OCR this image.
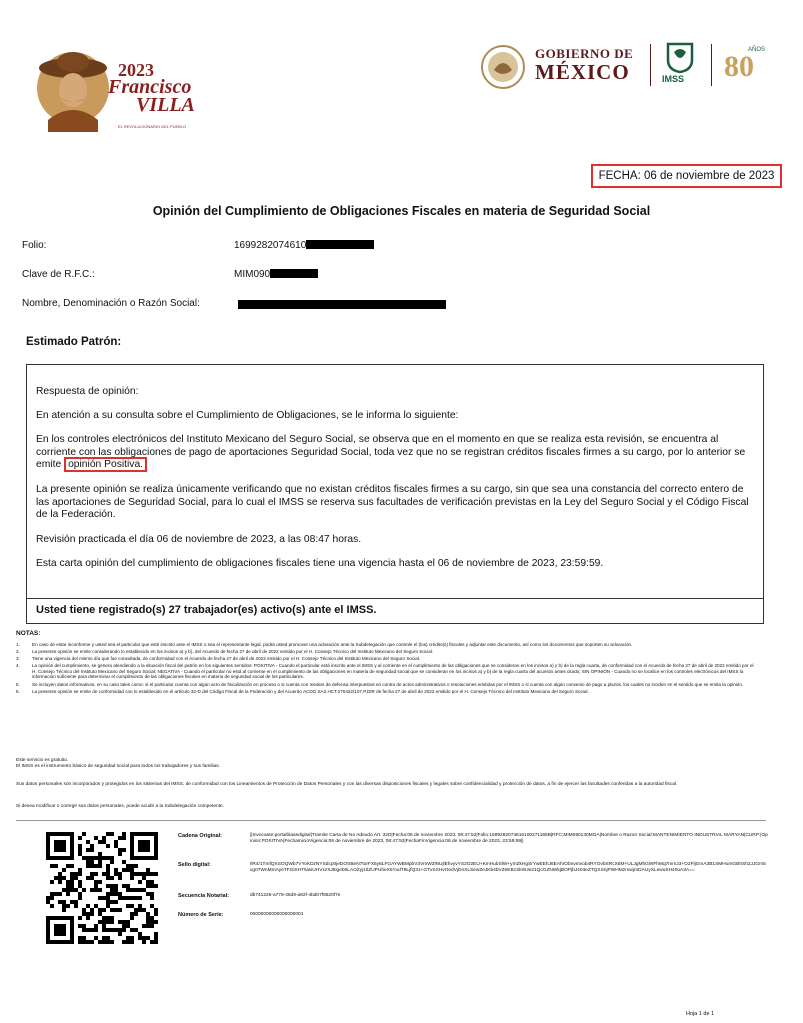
2023
Francisco
VILLA
EL REVOLUCIONARIO DEL PUEBLO
GOBIERNO DE
MÉXICO	IMSS 80
AÑOS
FECHA: 06 de noviembre de 2023
Opinión del Cumplimiento de Obligaciones Fiscales en materia de Seguridad Social
Folio:	1699282074610
Clave de R.F.C.:	MIM090
Nombre, Denominación o Razón Social:
Estimado Patrón:
Respuesta de opinión:
En atención a su consulta sobre el Cumplimiento de Obligaciones, se le informa lo siguiente:
En los controles electrónicos del Instituto Mexicano del Seguro Social, se observa que en el momento en que se realiza esta revisión, se encuentra al corriente con las obligaciones de pago de aportaciones Seguridad Social, toda vez que no se registran créditos fiscales firmes a su cargo, por lo anterior se emite opinión Positiva.
La presente opinión se realiza únicamente verificando que no existan créditos fiscales firmes a su cargo, sin que sea una constancia del correcto entero de las aportaciones de Seguridad Social, para lo cual el IMSS se reserva sus facultades de verificación previstas en la Ley del Seguro Social y el Código Fiscal de la Federación.
Revisión practicada el día 06 de noviembre de 2023, a las 08:47 horas.
Esta carta opinión del cumplimiento de obligaciones fiscales tiene una vigencia hasta el 06 de noviembre de 2023, 23:59:59.
Usted tiene registrado(s) 27 trabajador(es) activo(s) ante el IMSS.
NOTAS:
1.	En caso de estar inconforme y usted sea el particular que esté inscrito ante el IMSS o sea el representante legal, podrá usted promover una aclaración ante la Subdelegación que controle el (los) crédito(s) fiscales y adjuntar este documento, así como los documentos que soporten su aclaración.
2.	La presente opinión se emite considerando lo establecido en los incisos a) y b), del Acuerdo de fecha 27 de abril de 2022 emitido por el H. Consejo Técnico del Instituto Mexicano del Seguro Social.
3.	Tiene una vigencia del mismo día que fue consultada, de conformidad con el Acuerdo de fecha 27 de abril de 2022 emitido por el H. Consejo Técnico del Instituto Mexicano del Seguro Social.
4.	La opinión del cumplimiento, se genera atendiendo a la situación fiscal del patrón en los siguientes sentidos: POSITIVA - Cuando el particular está inscrito ante el IMSS y al corriente en el cumplimiento de las obligaciones que se consideran en los incisos a) y b) de la regla cuarta, de conformidad con el Acuerdo de fecha 27 de abril de 2022 emitido por el H. Consejo Técnico del Instituto Mexicano del Seguro Social; NEGATIVA - Cuando el particular no está al corriente en el cumplimiento de las obligaciones en materia de seguridad social que se consideran en los incisos a) y b) de la regla cuarta del acuerdo antes citado; SIN OPINIÓN - Cuando no se localice en los controles electrónicos del IMSS la información suficiente para determinar el cumplimiento de las obligaciones fiscales en materia de seguridad social de los particulares.
5.	Se incluyen datos informativos, en su caso tales como: si el particular cuenta con algún acto de fiscalización en proceso o si cuenta con medios de defensa interpuestos en contra de actos administrativos o resoluciones emitidas por el IMSS o si cuenta con algún convenio de pago a plazos, los cuales no inciden en el sentido que se emita la opinión.
6.	La presente opinión se emite de conformidad con lo establecido en el artículo 32-D del Código Fiscal de la Federación y del Acuerdo ACDO.SA2.HCT.270422/107.P.DIR de fecha 27 de abril de 2022 emitido por el H. Consejo Técnico del Instituto Mexicano del Seguro Social.
Este servicio es gratuito.
El IMSS es el instrumento básico de seguridad social para todos los trabajadores y sus familias.
Sus datos personales son incorporados y protegidos en los sistemas del IMSS, de conformidad con los Lineamientos de Protección de Datos Personales y con las diversas disposiciones fiscales y legales sobre confidencialidad y protección de datos, a fin de ejercer las facultades conferidas a la autoridad fiscal.
Si desea modificar o corregir sus datos personales, puede acudir a la Subdelegación competente.
Cadena Original:	||Invocante:portalliraasdigital|Tramite Carta de No Adeudo Art. 32D|Fecha:06 de noviembre 2023, 08:47:52|Folio:1699282074616100271165B|RFC:MIM090130MGA|Nombre o Razon Social:MANTENIMIENTO INDUSTRIAL MARYAN|CURP:|Opinion:POSITIVA|FechaInicioVigencia:06 de noviembre de 2023, 08:47:52|FechaFinVigencia:06 de noviembre de 2023, 23:59:59||
Sello digital:	IlR4/1TmfQXSOQWb7VYoKDzNYSdcp0jeDOSBeN7torFX5y6LFGAYWBMpbV3VmW2lNUjlEhvyvYS2O2EU+KmHubSlW+ymZkHgSrYwEEhJ6EAhrObnvmvob4RYOvbSRcX5M+ULJgMhGWFhMq7mmJ3+O2FljGmA3B1SMHumGBhSh2JJGm5vg07WnMmAyeTFGiSHT5iwiUHVxzXJ6igeb6LAOZyj1IlZUPUheX5YudT8LjfQ31+GTvSXHvOedVjDnXLSewZeJKb4bVZeEBcSkWJe21QcGZNWkjBOPjbJ404eZTQXSnjPWHMzrowjrnDAUyXLewuSH40uA3A==
Secuencia Notarial:	db741226-a778-45d9-a92f-4bd07f6520f7e
Número de Serie:	00000000000000000001
Hoja 1 de 1
